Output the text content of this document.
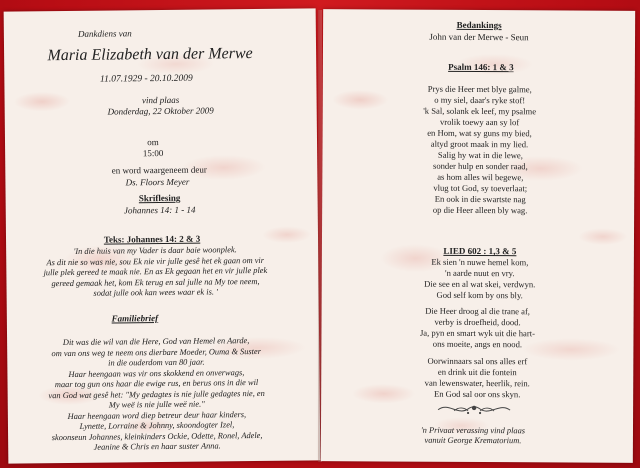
Dankdiens van
Maria Elizabeth van der Merwe
11.07.1929 - 20.10.2009
vind plaas
Donderdag, 22 Oktober 2009
om
15:00
en word waargeneem deur
Ds. Floors Meyer
Skriflesing
Johannes 14: 1 - 14
Teks: Johannes 14: 2 & 3
'In die huis van my Vader is daar baie woonplek.
As dit nie so was nie, sou Ek nie vir julle gesê het ek gaan om vir
julle plek gereed te maak nie. En as Ek gegaan het en vir julle plek
gereed gemaak het, kom Ek terug en sal julle na My toe neem,
sodat julle ook kan wees waar ek is. '
Familiebrief
Dit was die wil van die Here, God van Hemel en Aarde,
om van ons weg te neem ons dierbare Moeder, Ouma & Suster
in die ouderdom van 80 jaar.
Haar heengaan was vir ons skokkend en onverwags,
maar tog gun ons haar die ewige rus, en berus ons in die wil
van God wat gesê het: "My gedagtes is nie julle gedagtes nie, en
My weë is nie julle weë nie."
Haar heengaan word diep betreur deur haar kinders,
Lynette, Lorraine & Johnny, skoondogter Izel,
skoonseun Johannes, kleinkinders Ockie, Odette, Ronel, Adele,
Jeanine & Chris en haar suster Anna.
Bedankings
John van der Merwe - Seun
Psalm 146: 1 & 3
Prys die Heer met blye galme,
o my siel, daar's ryke stof!
'k Sal, solank ek leef, my psalme
vrolik toewy aan sy lof
en Hom, wat sy guns my bied,
altyd groot maak in my lied.
Salig hy wat in die lewe,
sonder hulp en sonder raad,
as hom alles wil begewe,
vlug tot God, sy toeverlaat;
En ook in die swartste nag
op die Heer alleen bly wag.
LIED 602 : 1,3 & 5
Ek sien 'n nuwe hemel kom,
'n aarde nuut en vry.
Die see en al wat skei, verdwyn.
God self kom by ons bly.
Die Heer droog al die trane af,
verby is droefheid, dood.
Ja, pyn en smart wyk uit die hart-
ons moeite, angs en nood.
Oorwinnaars sal ons alles erf
en drink uit die fontein
van lewenswater, heerlik, rein.
En God sal oor ons skyn.
'n Privaat verassing vind plaas
vanuit George Krematorium.
